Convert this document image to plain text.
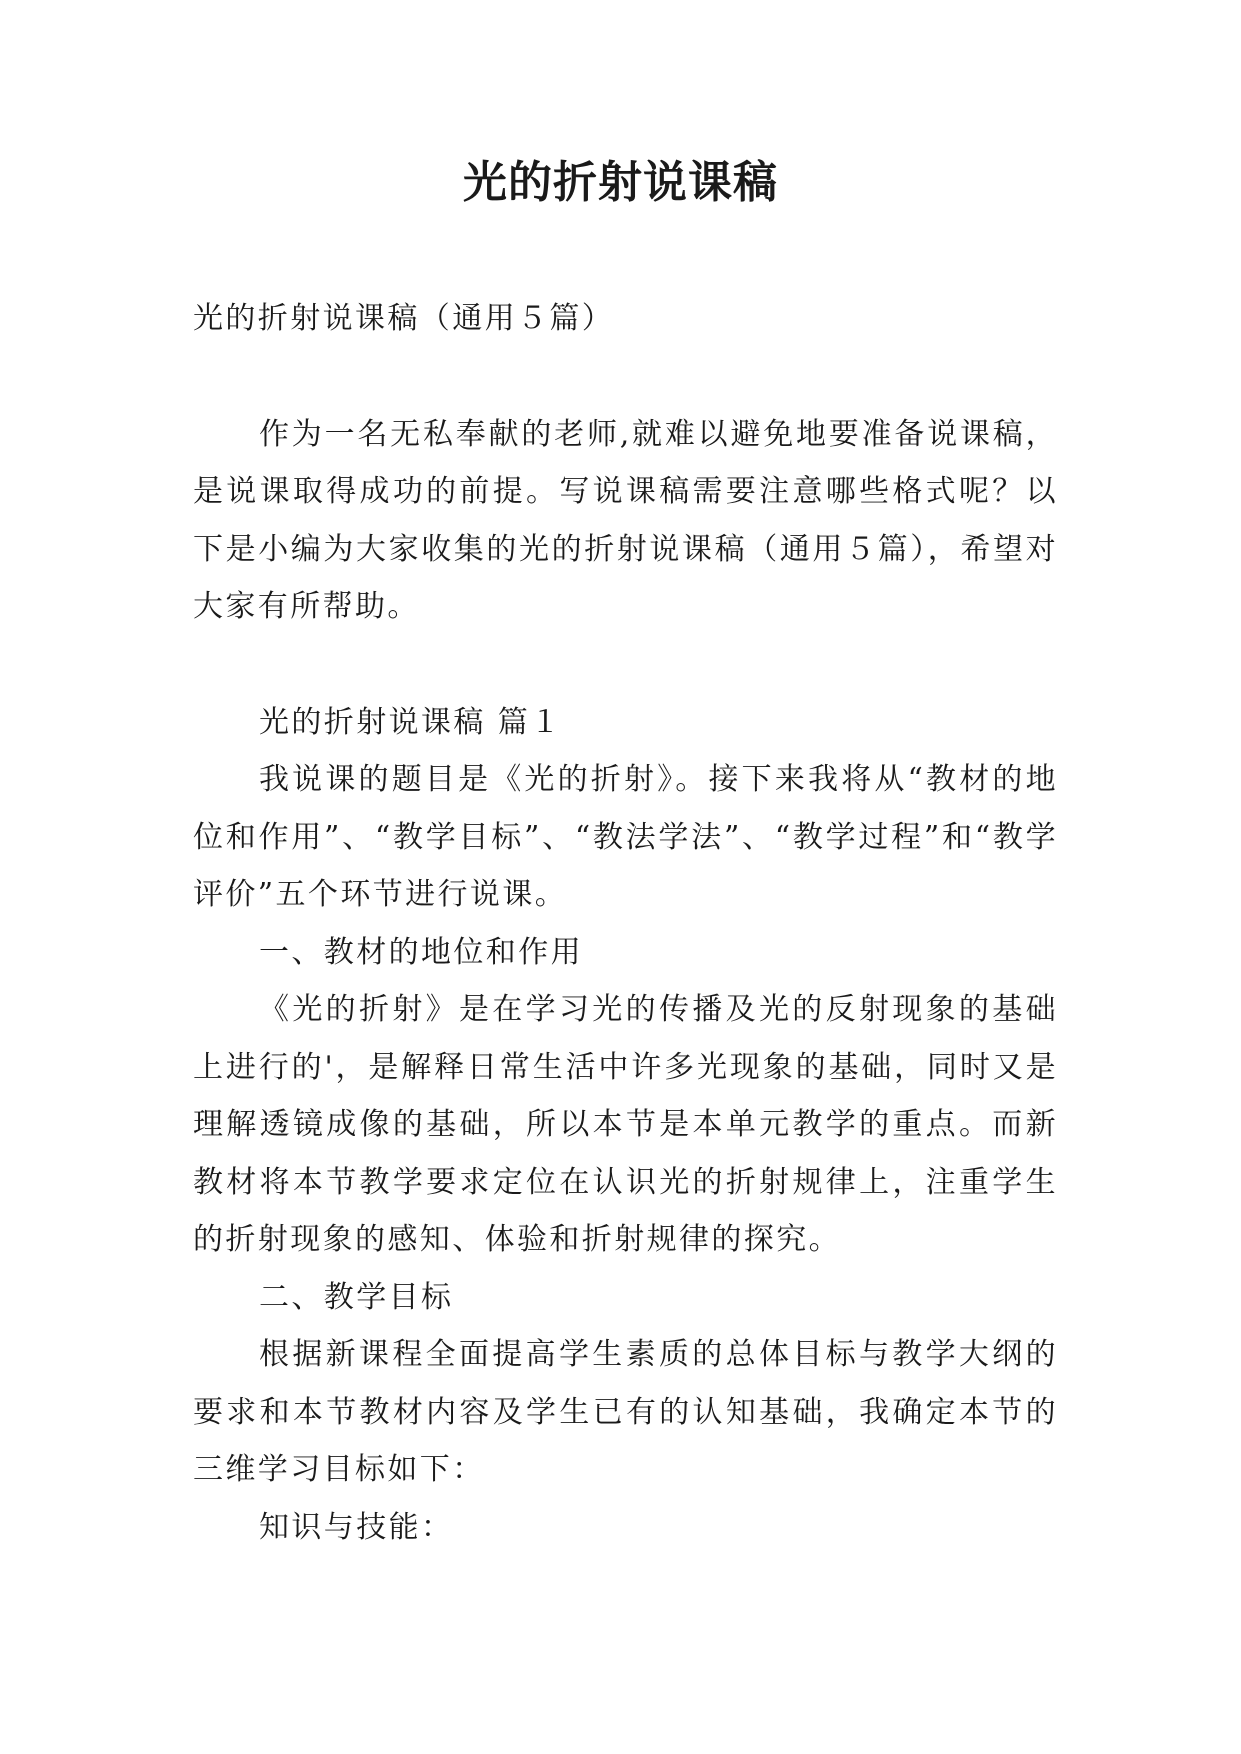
光的折射说课稿

光的折射说课稿（通用５篇）

作为一名无私奉献的老师,就难以避免地要准备说课稿，是说课取得成功的前提。写说课稿需要注意哪些格式呢？以下是小编为大家收集的光的折射说课稿（通用５篇），希望对大家有所帮助。

光的折射说课稿 篇１

我说课的题目是《光的折射》。接下来我将从“教材的地位和作用”、“教学目标”、“教法学法”、“教学过程”和“教学评价”五个环节进行说课。

一、教材的地位和作用

《光的折射》是在学习光的传播及光的反射现象的基础上进行的'，是解释日常生活中许多光现象的基础，同时又是理解透镜成像的基础，所以本节是本单元教学的重点。而新教材将本节教学要求定位在认识光的折射规律上，注重学生的折射现象的感知、体验和折射规律的探究。

二、教学目标

根据新课程全面提高学生素质的总体目标与教学大纲的要求和本节教材内容及学生已有的认知基础，我确定本节的三维学习目标如下：

知识与技能：
